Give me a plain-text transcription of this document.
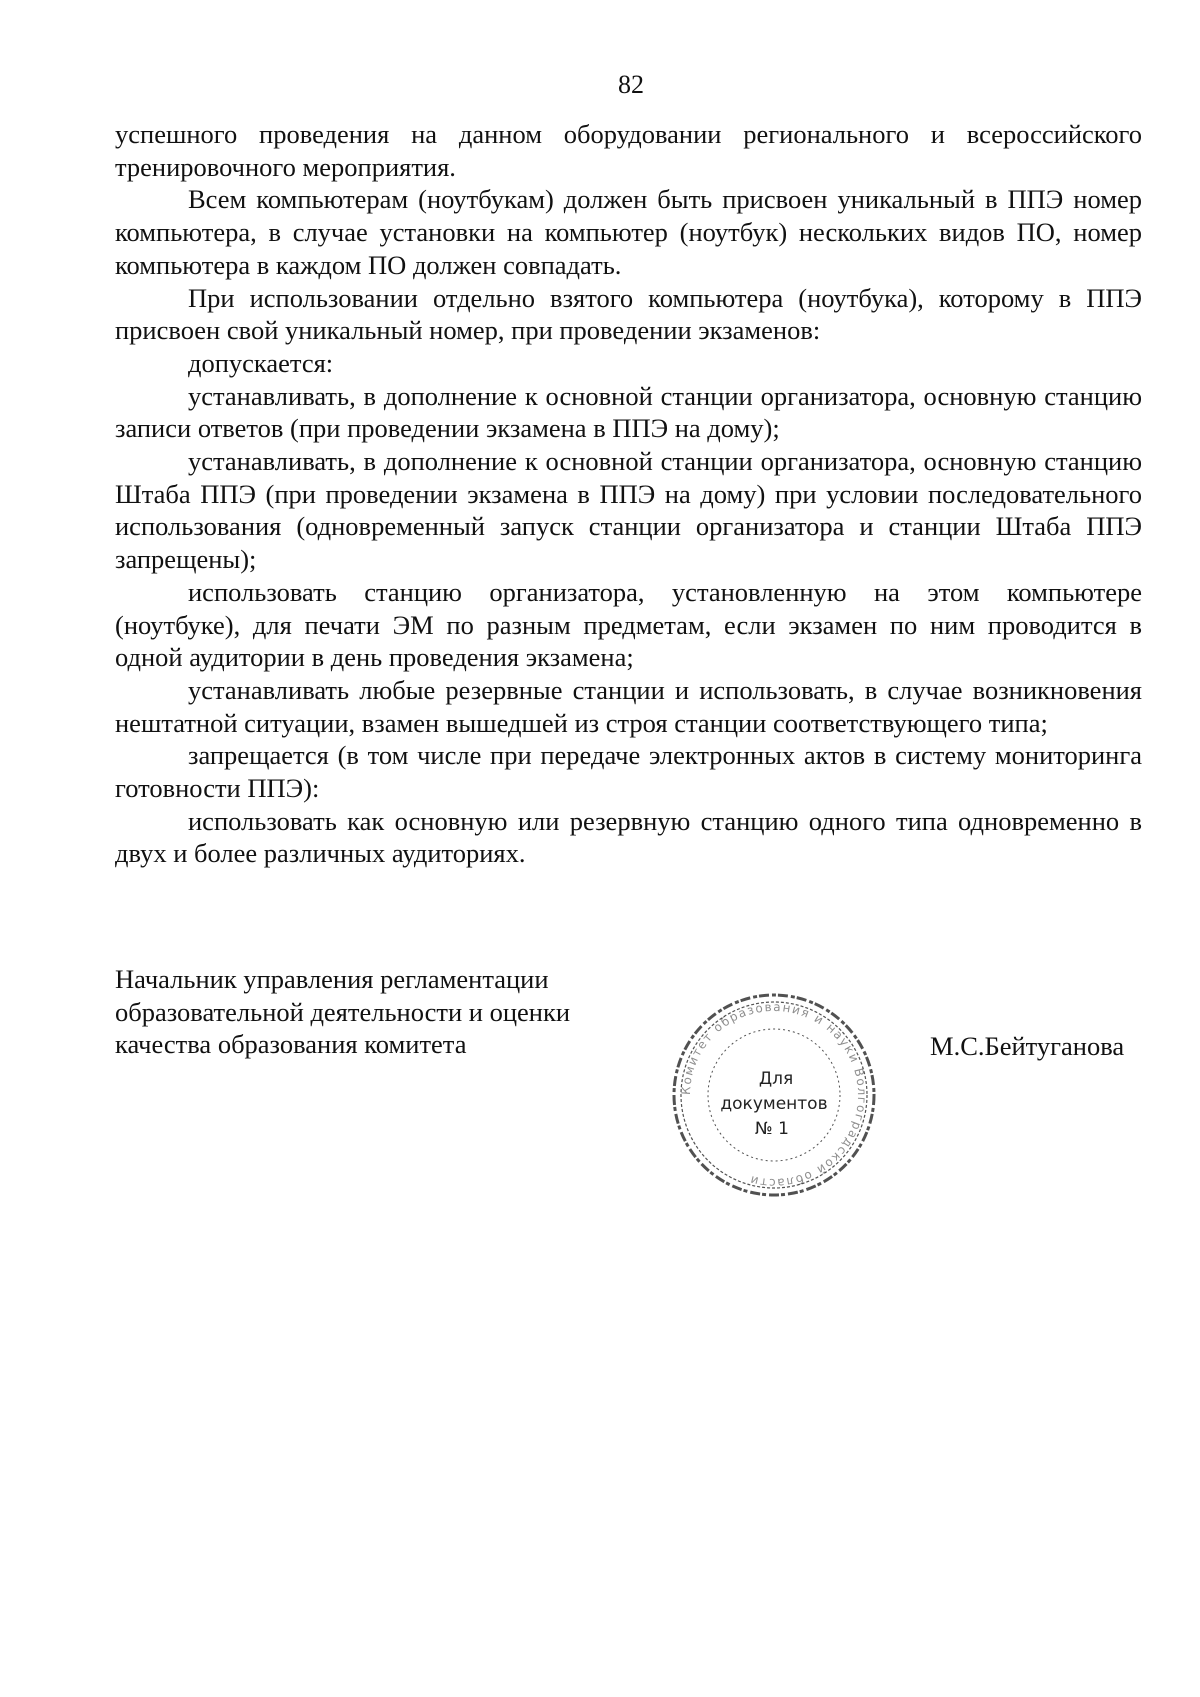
82

успешного проведения на данном оборудовании регионального и всероссийского тренировочного мероприятия.

Всем компьютерам (ноутбукам) должен быть присвоен уникальный в ППЭ номер компьютера, в случае установки на компьютер (ноутбук) нескольких видов ПО, номер компьютера в каждом ПО должен совпадать.

При использовании отдельно взятого компьютера (ноутбука), которому в ППЭ присвоен свой уникальный номер, при проведении экзаменов:

допускается:

устанавливать, в дополнение к основной станции организатора, основную станцию записи ответов (при проведении экзамена в ППЭ на дому);

устанавливать, в дополнение к основной станции организатора, основную станцию Штаба ППЭ (при проведении экзамена в ППЭ на дому) при условии последовательного использования (одновременный запуск станции организатора и станции Штаба ППЭ запрещены);

использовать станцию организатора, установленную на этом компьютере (ноутбуке), для печати ЭМ по разным предметам, если экзамен по ним проводится в одной аудитории в день проведения экзамена;

устанавливать любые резервные станции и использовать, в случае возникновения нештатной ситуации, взамен вышедшей из строя станции соответствующего типа;

запрещается (в том числе при передаче электронных актов в систему мониторинга готовности ППЭ):

использовать как основную или резервную станцию одного типа одновременно в двух и более различных аудиториях.

Начальник управления регламентации
образовательной деятельности и оценки
качества образования комитета	М.С.Бейтуганова
Комитет образования и науки Волгоградской области
Для
документов
№ 1
